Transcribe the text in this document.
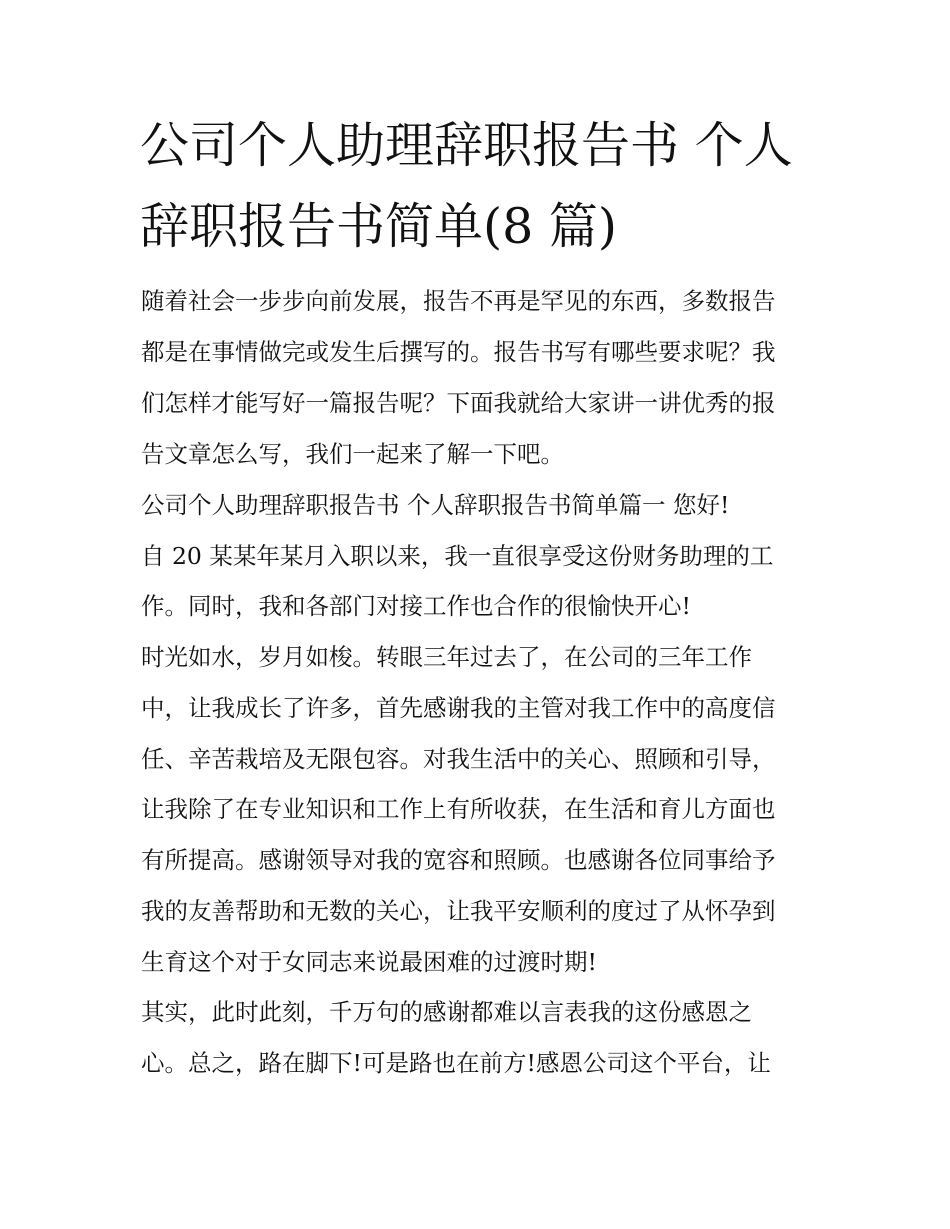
公司个人助理辞职报告书 个人
辞职报告书简单(8 篇)
随着社会一步步向前发展，报告不再是罕见的东西，多数报告
都是在事情做完或发生后撰写的。报告书写有哪些要求呢？我
们怎样才能写好一篇报告呢？下面我就给大家讲一讲优秀的报
告文章怎么写，我们一起来了解一下吧。
公司个人助理辞职报告书 个人辞职报告书简单篇一 您好!
自 20 某某年某月入职以来，我一直很享受这份财务助理的工
作。同时，我和各部门对接工作也合作的很愉快开心!
时光如水，岁月如梭。转眼三年过去了，在公司的三年工作
中，让我成长了许多，首先感谢我的主管对我工作中的高度信
任、辛苦栽培及无限包容。对我生活中的关心、照顾和引导，
让我除了在专业知识和工作上有所收获，在生活和育儿方面也
有所提高。感谢领导对我的宽容和照顾。也感谢各位同事给予
我的友善帮助和无数的关心，让我平安顺利的度过了从怀孕到
生育这个对于女同志来说最困难的过渡时期!
其实，此时此刻，千万句的感谢都难以言表我的这份感恩之
心。总之，路在脚下!可是路也在前方!感恩公司这个平台，让
